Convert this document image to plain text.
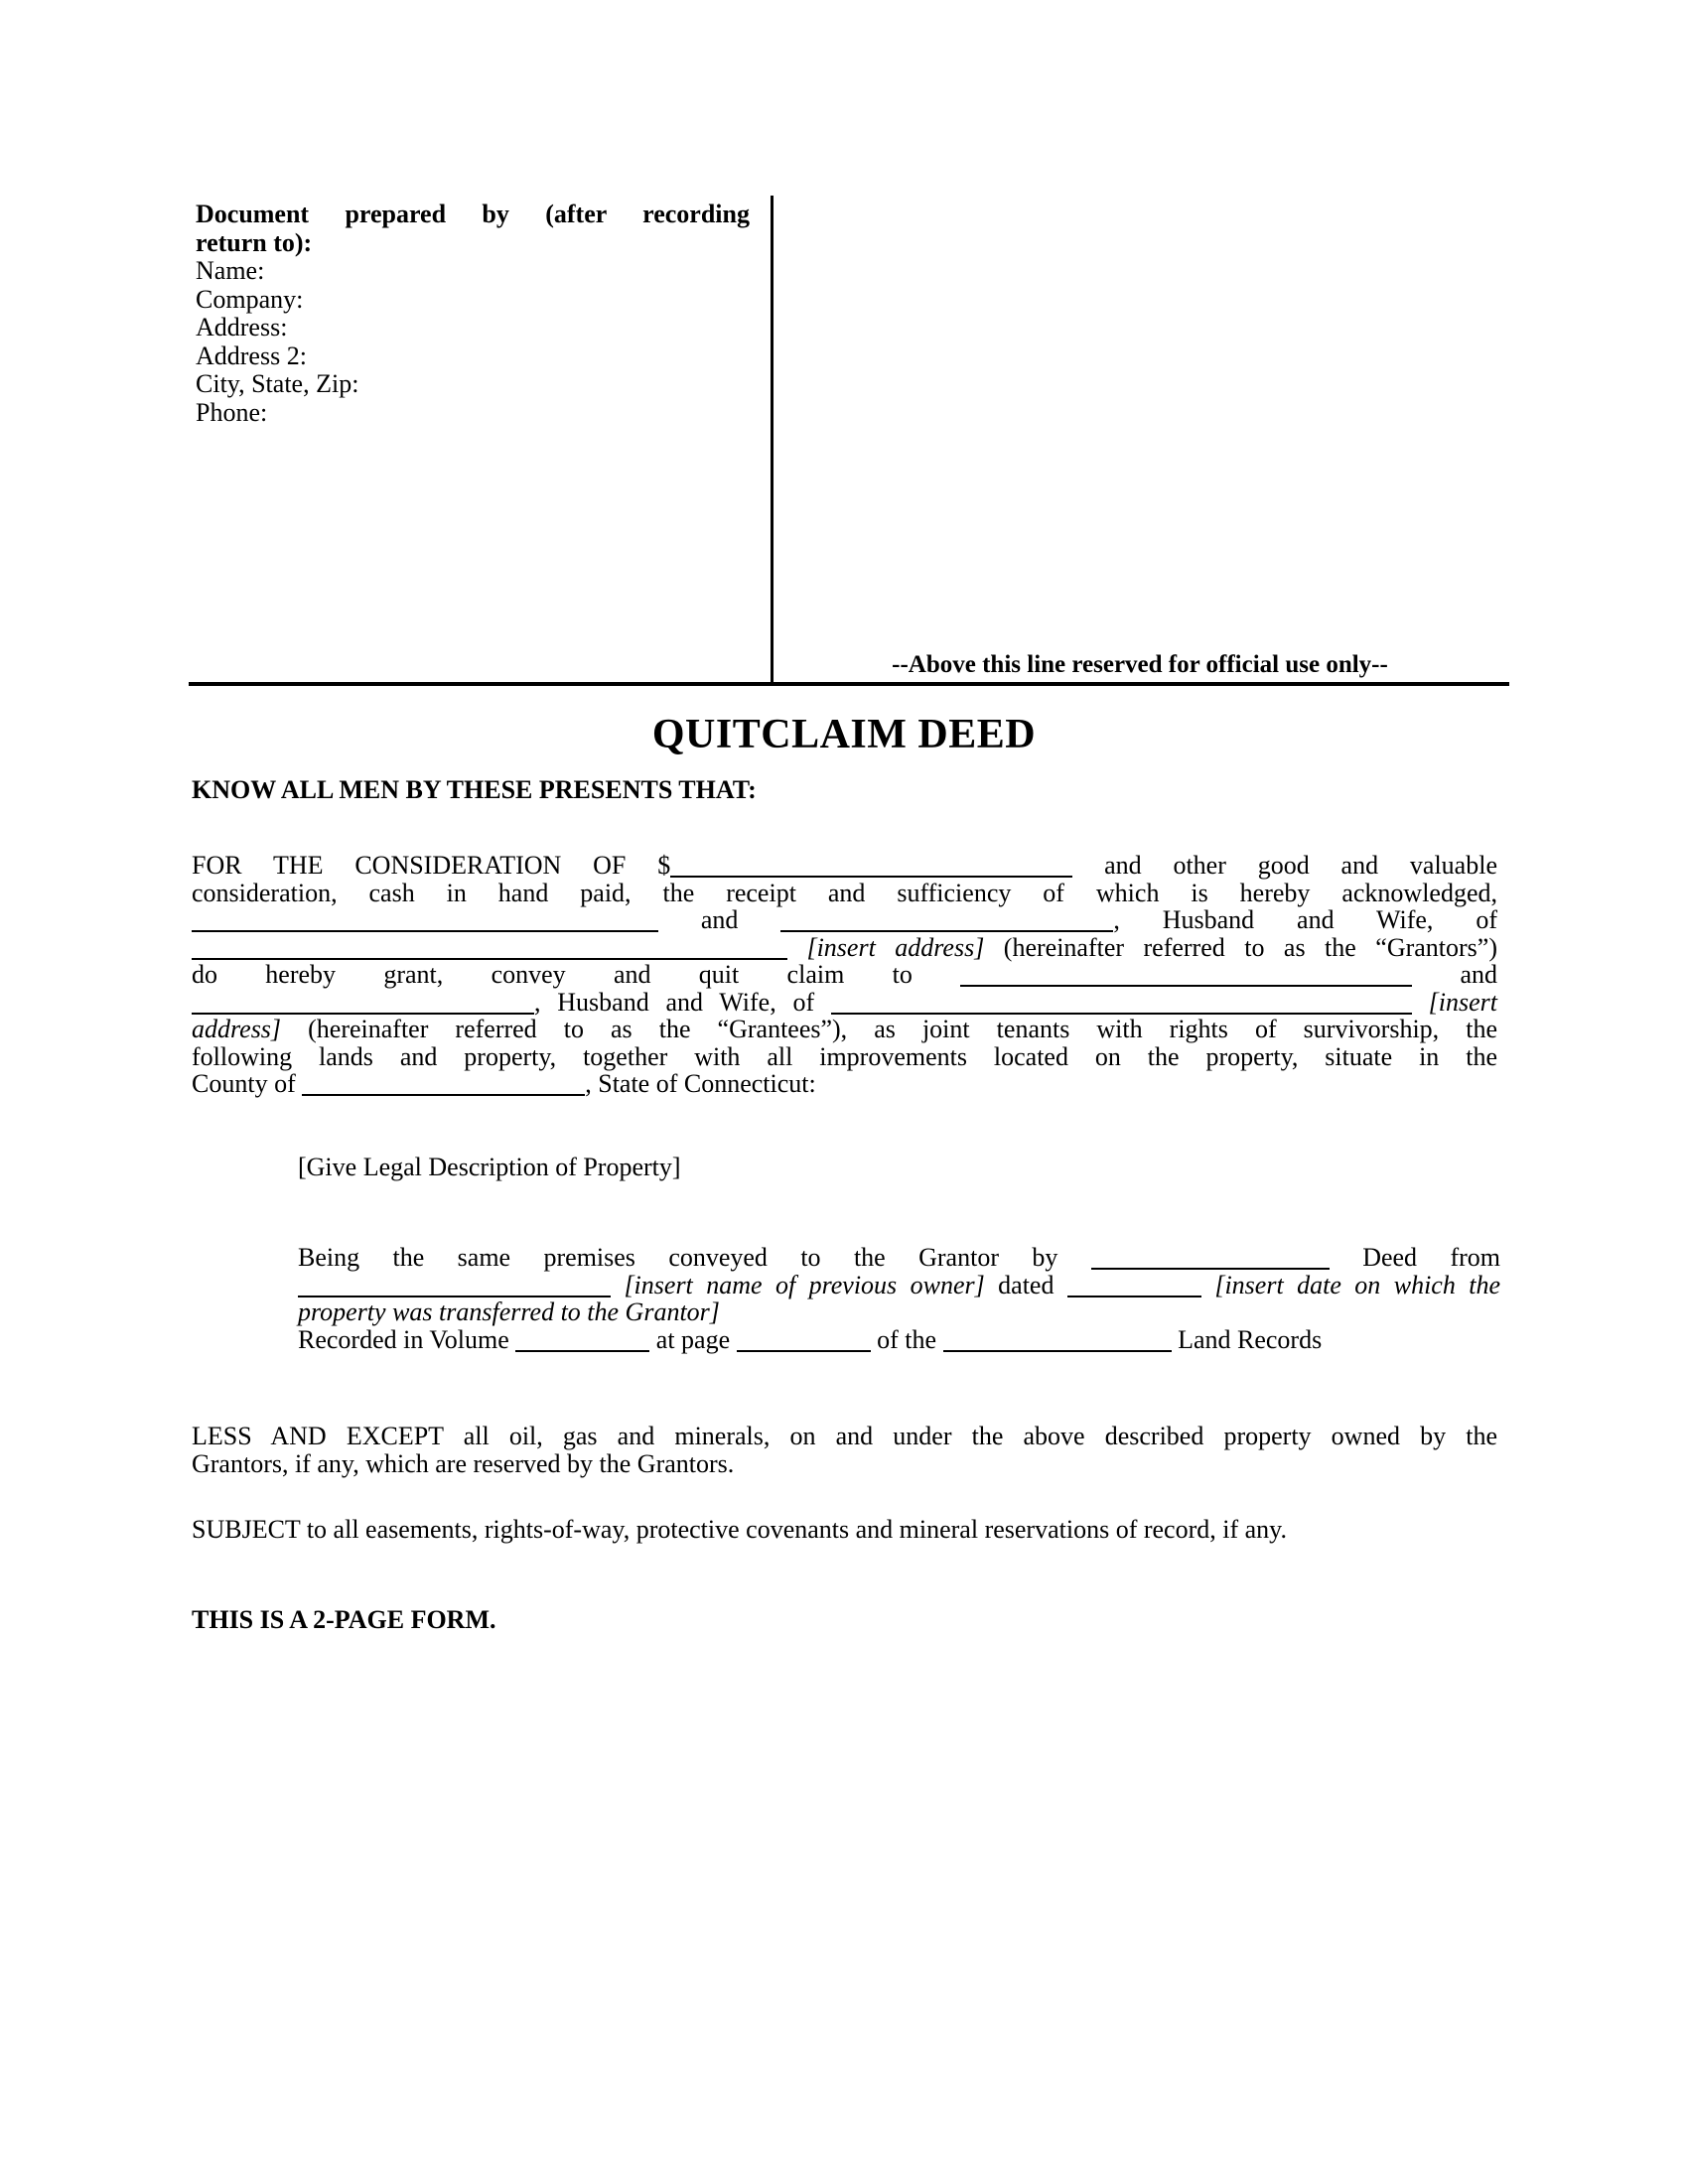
Document prepared by (after recording
return to):
Name:
Company:
Address:
Address 2:
City, State, Zip:
Phone:
--Above this line reserved for official use only--
QUITCLAIM DEED
KNOW ALL MEN BY THESE PRESENTS THAT:
FOR THE CONSIDERATION OF $	and other good and valuable
consideration, cash in hand paid, the receipt and sufficiency of which is hereby acknowledged,
and	, Husband and Wife, of
[insert address] (hereinafter referred to as the “Grantors”)
do hereby grant, convey and quit claim to	and
, Husband and Wife, of	[insert
address] (hereinafter referred to as the “Grantees”), as joint tenants with rights of survivorship, the
following lands and property, together with all improvements located on the property, situate in the
County of	, State of Connecticut:
[Give Legal Description of Property]
Being the same premises conveyed to the Grantor by	Deed from
[insert name of previous owner] dated	[insert date on which the
property was transferred to the Grantor]
Recorded in Volume	at page	of the	Land Records
LESS AND EXCEPT all oil, gas and minerals, on and under the above described property owned by the
Grantors, if any, which are reserved by the Grantors.
SUBJECT to all easements, rights-of-way, protective covenants and mineral reservations of record, if any.
THIS IS A 2-PAGE FORM.
